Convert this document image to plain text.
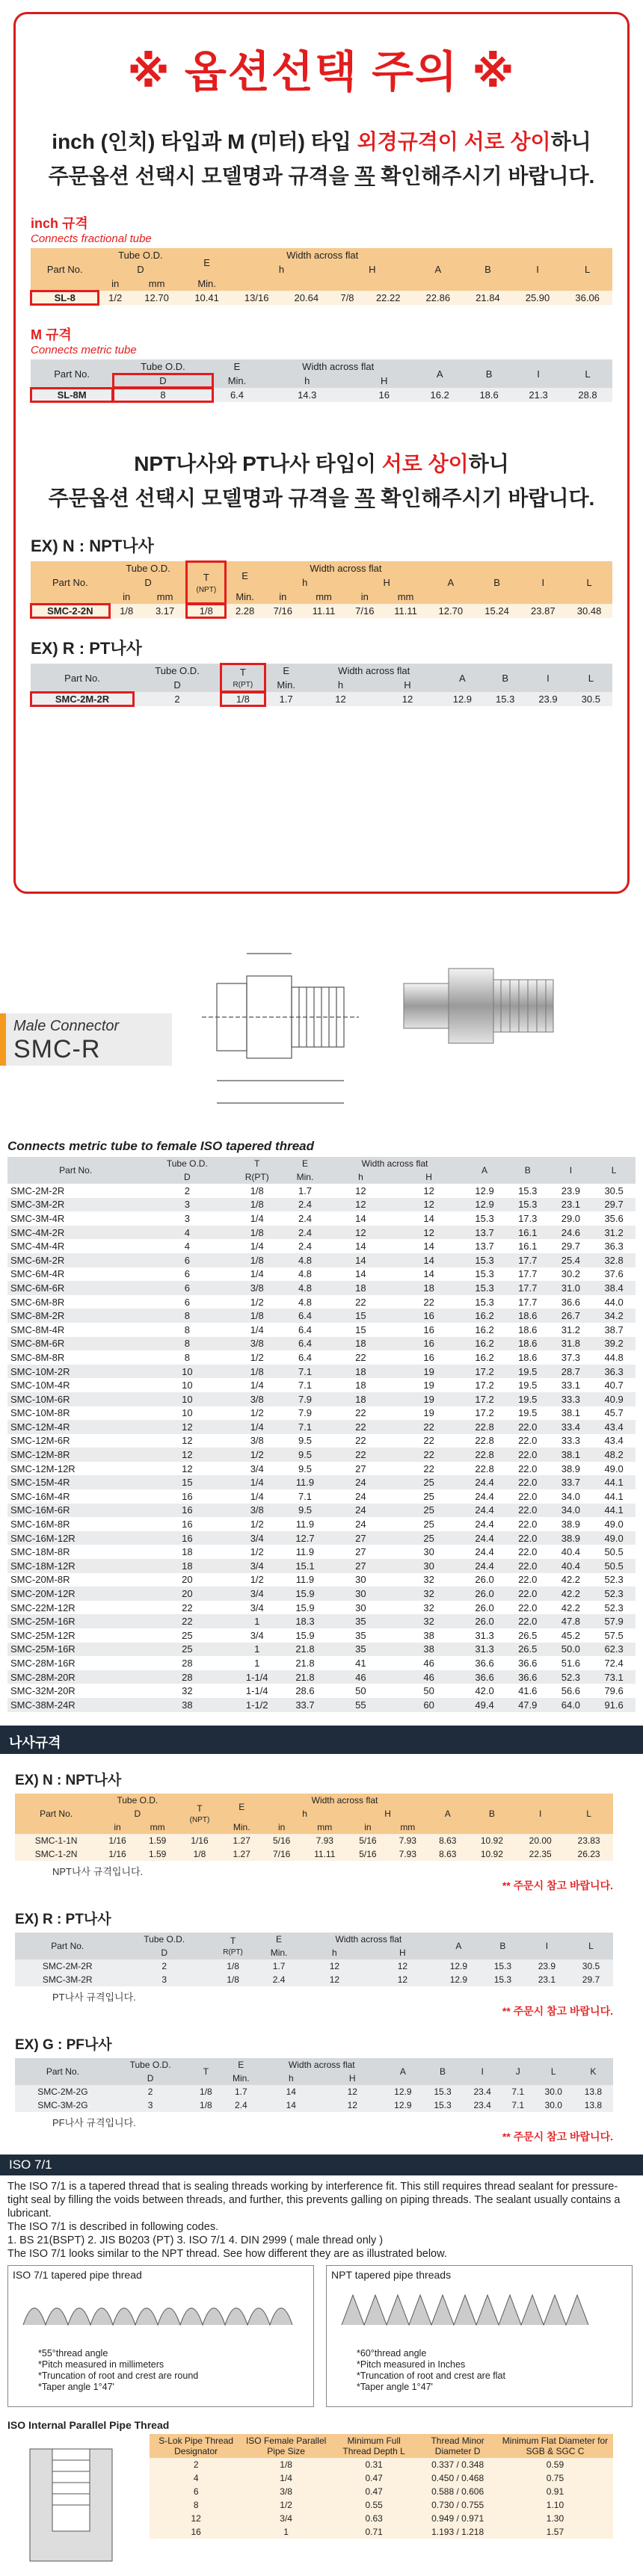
※ 옵션선택 주의 ※
inch (인치) 타입과 M (미터) 타입 외경규격이 서로 상이하니
주문옵션 선택시 모델명과 규격을 꼭 확인해주시기 바랍니다.
inch 규격
Connects fractional tube
Part No.	Tube O.D.		E	Width across flat				A	B	I	L
	D			h		H					
	in	mm	Min.								
SL-8	1/2	12.70	10.41	13/16	20.64	7/8	22.22	22.86	21.84	25.90	36.06
M 규격
Connects metric tube
Part No.	Tube O.D.	E	Width across flat		A	B	I	L
	D	Min.	h	H				
SL-8M	8	6.4	14.3	16	16.2	18.6	21.3	28.8
NPT나사와 PT나사 타입이 서로 상이하니
주문옵션 선택시 모델명과 규격을 꼭 확인해주시기 바랍니다.
EX) N : NPT나사
Part No.	Tube O.D.		T
(NPT)	E	Width across flat				A	B	I	L
	D				h		H					
	in	mm		Min.	in	mm	in	mm				
SMC-2-2N	1/8	3.17	1/8	2.28	7/16	11.11	7/16	11.11	12.70	15.24	23.87	30.48
EX) R : PT나사
Part No.	Tube O.D.	T
R(PT)	E	Width across flat		A	B	I	L
	D		Min.	h	H				
SMC-2M-2R	2	1/8	1.7	12	12	12.9	15.3	23.9	30.5
Male Connector
SMC-R
Connects metric tube to female ISO tapered thread
Part No.	Tube O.D.	T	E	Width across flat		A	B	I	L
	D	R(PT)	Min.	h	H				
SMC-2M-2R	2	1/8	1.7	12	12	12.9	15.3	23.9	30.5
SMC-3M-2R	3	1/8	2.4	12	12	12.9	15.3	23.1	29.7
SMC-3M-4R	3	1/4	2.4	14	14	15.3	17.3	29.0	35.6
SMC-4M-2R	4	1/8	2.4	12	12	13.7	16.1	24.6	31.2
SMC-4M-4R	4	1/4	2.4	14	14	13.7	16.1	29.7	36.3
SMC-6M-2R	6	1/8	4.8	14	14	15.3	17.7	25.4	32.8
SMC-6M-4R	6	1/4	4.8	14	14	15.3	17.7	30.2	37.6
SMC-6M-6R	6	3/8	4.8	18	18	15.3	17.7	31.0	38.4
SMC-6M-8R	6	1/2	4.8	22	22	15.3	17.7	36.6	44.0
SMC-8M-2R	8	1/8	6.4	15	16	16.2	18.6	26.7	34.2
SMC-8M-4R	8	1/4	6.4	15	16	16.2	18.6	31.2	38.7
SMC-8M-6R	8	3/8	6.4	18	16	16.2	18.6	31.8	39.2
SMC-8M-8R	8	1/2	6.4	22	16	16.2	18.6	37.3	44.8
SMC-10M-2R	10	1/8	7.1	18	19	17.2	19.5	28.7	36.3
SMC-10M-4R	10	1/4	7.1	18	19	17.2	19.5	33.1	40.7
SMC-10M-6R	10	3/8	7.9	18	19	17.2	19.5	33.3	40.9
SMC-10M-8R	10	1/2	7.9	22	19	17.2	19.5	38.1	45.7
SMC-12M-4R	12	1/4	7.1	22	22	22.8	22.0	33.4	43.4
SMC-12M-6R	12	3/8	9.5	22	22	22.8	22.0	33.3	43.4
SMC-12M-8R	12	1/2	9.5	22	22	22.8	22.0	38.1	48.2
SMC-12M-12R	12	3/4	9.5	27	22	22.8	22.0	38.9	49.0
SMC-15M-4R	15	1/4	11.9	24	25	24.4	22.0	33.7	44.1
SMC-16M-4R	16	1/4	7.1	24	25	24.4	22.0	34.0	44.1
SMC-16M-6R	16	3/8	9.5	24	25	24.4	22.0	34.0	44.1
SMC-16M-8R	16	1/2	11.9	24	25	24.4	22.0	38.9	49.0
SMC-16M-12R	16	3/4	12.7	27	25	24.4	22.0	38.9	49.0
SMC-18M-8R	18	1/2	11.9	27	30	24.4	22.0	40.4	50.5
SMC-18M-12R	18	3/4	15.1	27	30	24.4	22.0	40.4	50.5
SMC-20M-8R	20	1/2	11.9	30	32	26.0	22.0	42.2	52.3
SMC-20M-12R	20	3/4	15.9	30	32	26.0	22.0	42.2	52.3
SMC-22M-12R	22	3/4	15.9	30	32	26.0	22.0	42.2	52.3
SMC-25M-16R	22	1	18.3	35	32	26.0	22.0	47.8	57.9
SMC-25M-12R	25	3/4	15.9	35	38	31.3	26.5	45.2	57.5
SMC-25M-16R	25	1	21.8	35	38	31.3	26.5	50.0	62.3
SMC-28M-16R	28	1	21.8	41	46	36.6	36.6	51.6	72.4
SMC-28M-20R	28	1-1/4	21.8	46	46	36.6	36.6	52.3	73.1
SMC-32M-20R	32	1-1/4	28.6	50	50	42.0	41.6	56.6	79.6
SMC-38M-24R	38	1-1/2	33.7	55	60	49.4	47.9	64.0	91.6
나사규격
EX) N : NPT나사
Part No.	Tube O.D.		T
(NPT)	E	Width across flat				A	B	I	L
	D				h		H					
	in	mm		Min.	in	mm	in	mm				
SMC-1-1N	1/16	1.59	1/16	1.27	5/16	7.93	5/16	7.93	8.63	10.92	20.00	23.83
SMC-1-2N	1/16	1.59	1/8	1.27	7/16	11.11	5/16	7.93	8.63	10.92	22.35	26.23
NPT나사 규격입니다.
** 주문시 참고 바랍니다.
EX) R : PT나사
Part No.	Tube O.D.	T
R(PT)	E	Width across flat		A	B	I	L
	D		Min.	h	H				
SMC-2M-2R	2	1/8	1.7	12	12	12.9	15.3	23.9	30.5
SMC-3M-2R	3	1/8	2.4	12	12	12.9	15.3	23.1	29.7
PT나사 규격입니다.
** 주문시 참고 바랍니다.
EX) G : PF나사
Part No.	Tube O.D.	T	E	Width across flat		A	B	I	J	L	K
	D		Min.	h	H						
SMC-2M-2G	2	1/8	1.7	14	12	12.9	15.3	23.4	7.1	30.0	13.8
SMC-3M-2G	3	1/8	2.4	14	12	12.9	15.3	23.4	7.1	30.0	13.8
PF나사 규격입니다.
** 주문시 참고 바랍니다.
ISO 7/1

The ISO 7/1 is a tapered thread that is sealing threads working by interference fit. This still requires thread sealant for pressure-tight seal by filling the voids between threads, and further, this prevents galling on piping threads. The sealant usually contains a lubricant.

The ISO 7/1 is described in following codes.

1. BS 21(BSPT) 2. JIS B0203 (PT) 3. ISO 7/1 4. DIN 2999 ( male thread only )

The ISO 7/1 looks similar to the NPT thread. See how different they are as illustrated below.

ISO 7/1 tapered pipe thread
*55°thread angle
*Pitch measured in millimeters
*Truncation of root and crest are round
*Taper angle 1°47'
NPT tapered pipe threads
*60°thread angle
*Pitch measured in Inches
*Truncation of root and crest are flat
*Taper angle 1°47'
ISO Internal Parallel Pipe Thread
S-Lok Pipe Thread Designator	ISO Female Parallel Pipe Size	Minimum Full Thread Depth L	Thread Minor Diameter D	Minimum Flat Diameter for SGB & SGC C
2	1/8	0.31	0.337 / 0.348	0.59
4	1/4	0.47	0.450 / 0.468	0.75
6	3/8	0.47	0.588 / 0.606	0.91
8	1/2	0.55	0.730 / 0.755	1.10
12	3/4	0.63	0.949 / 0.971	1.30
16	1	0.71	1.193 / 1.218	1.57
